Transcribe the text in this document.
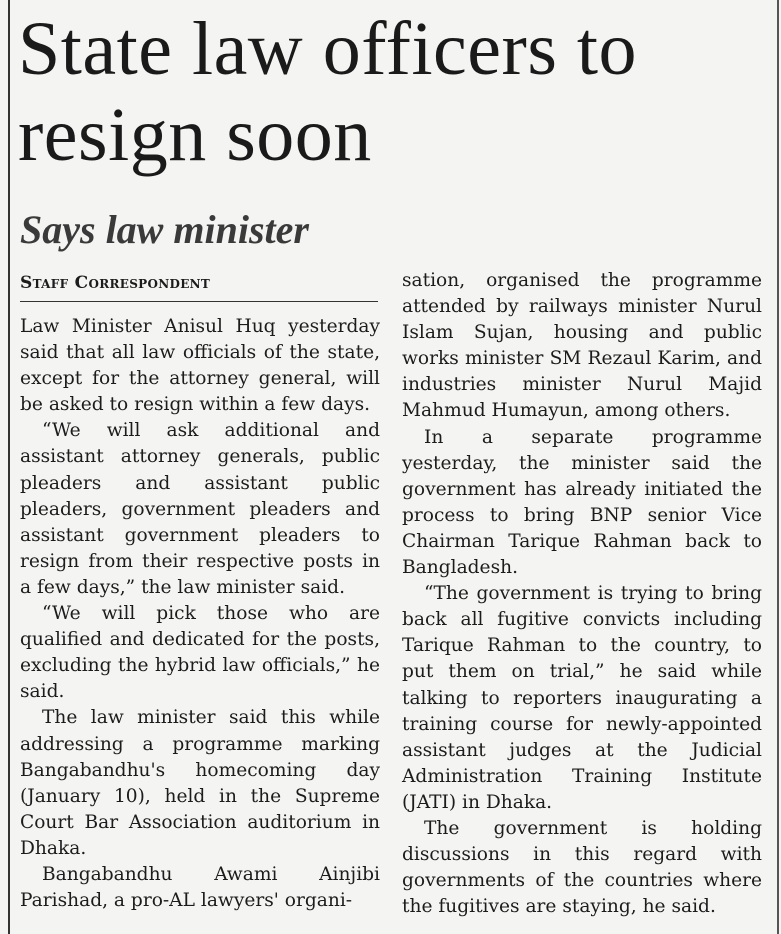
State law officers to resign soon
Says law minister
Staff Correspondent

Law Minister Anisul Huq yesterday said that all law officials of the state, except for the attorney general, will be asked to resign within a few days.

“We will ask additional and assistant attorney generals, public pleaders and assistant public pleaders, government pleaders and assistant government pleaders to resign from their respective posts in a few days,” the law minister said.

“We will pick those who are qualified and dedicated for the posts, excluding the hybrid law officials,” he said.

The law minister said this while addressing a programme marking Bangabandhu's homecoming day (January 10), held in the Supreme Court Bar Association auditorium in Dhaka.

Bangabandhu Awami Ainjibi Parishad, a pro-AL lawyers' organi-

sation, organised the programme attended by railways minister Nurul Islam Sujan, housing and public works minister SM Rezaul Karim, and industries minister Nurul Majid Mahmud Humayun, among others.

In a separate programme yesterday, the minister said the government has already initiated the process to bring BNP senior Vice Chairman Tarique Rahman back to Bangladesh.

“The government is trying to bring back all fugitive convicts including Tarique Rahman to the country, to put them on trial,” he said while talking to reporters inaugurating a training course for newly-appointed assistant judges at the Judicial Administration Training Institute (JATI) in Dhaka.

The government is holding discussions in this regard with governments of the countries where the fugitives are staying, he said.
